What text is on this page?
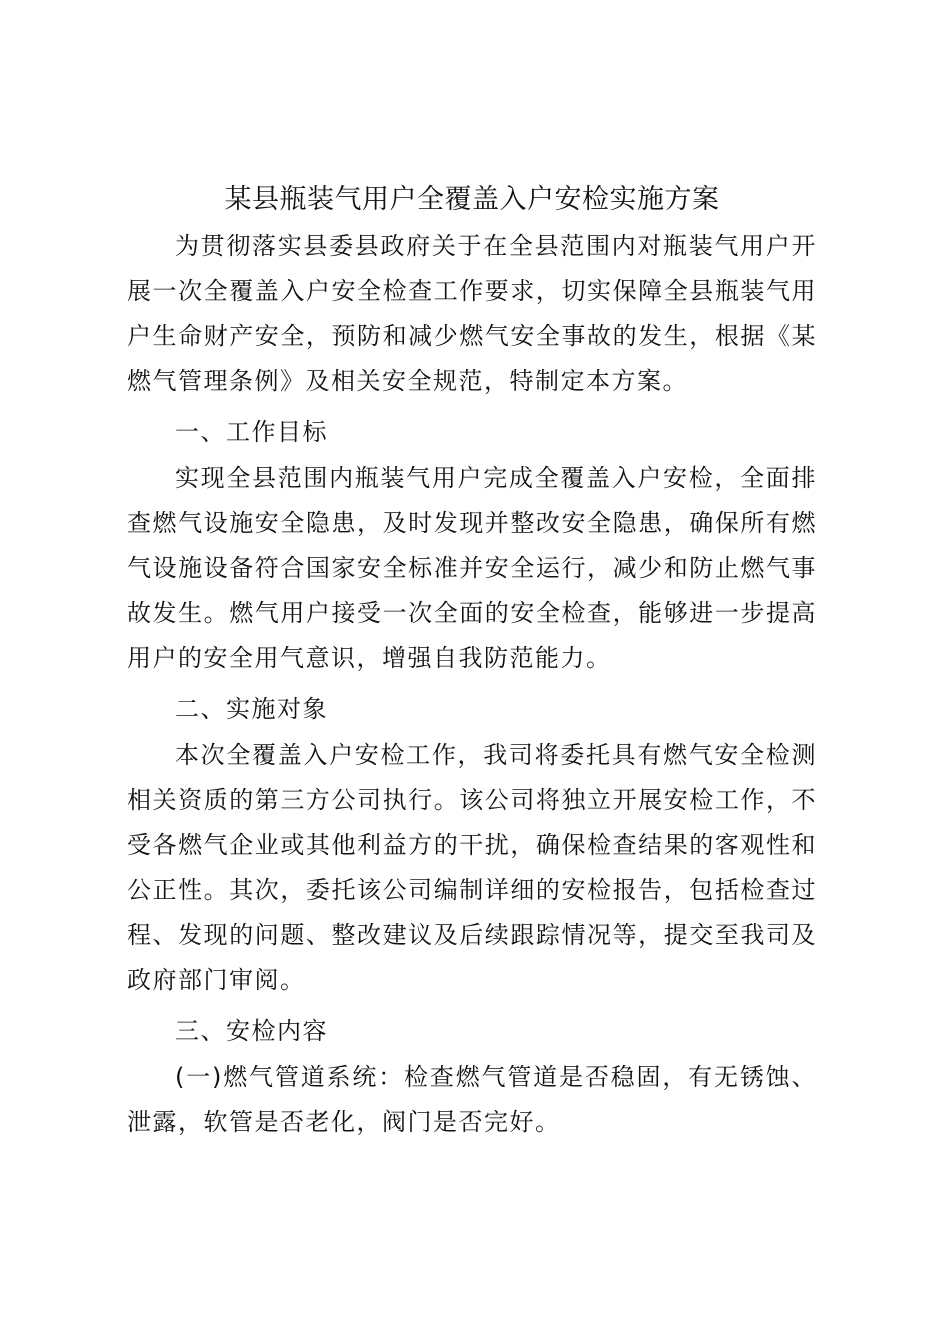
某县瓶装气用户全覆盖入户安检实施方案

为贯彻落实县委县政府关于在全县范围内对瓶装气用户开展一次全覆盖入户安全检查工作要求，切实保障全县瓶装气用户生命财产安全，预防和减少燃气安全事故的发生，根据《某燃气管理条例》及相关安全规范，特制定本方案。

一、工作目标

实现全县范围内瓶装气用户完成全覆盖入户安检，全面排查燃气设施安全隐患，及时发现并整改安全隐患，确保所有燃气设施设备符合国家安全标准并安全运行，减少和防止燃气事故发生。燃气用户接受一次全面的安全检查，能够进一步提高用户的安全用气意识，增强自我防范能力。

二、实施对象

本次全覆盖入户安检工作，我司将委托具有燃气安全检测相关资质的第三方公司执行。该公司将独立开展安检工作，不受各燃气企业或其他利益方的干扰，确保检查结果的客观性和公正性。其次，委托该公司编制详细的安检报告，包括检查过程、发现的问题、整改建议及后续跟踪情况等，提交至我司及政府部门审阅。

三、安检内容

(一)燃气管道系统：检查燃气管道是否稳固，有无锈蚀、泄露，软管是否老化，阀门是否完好。
